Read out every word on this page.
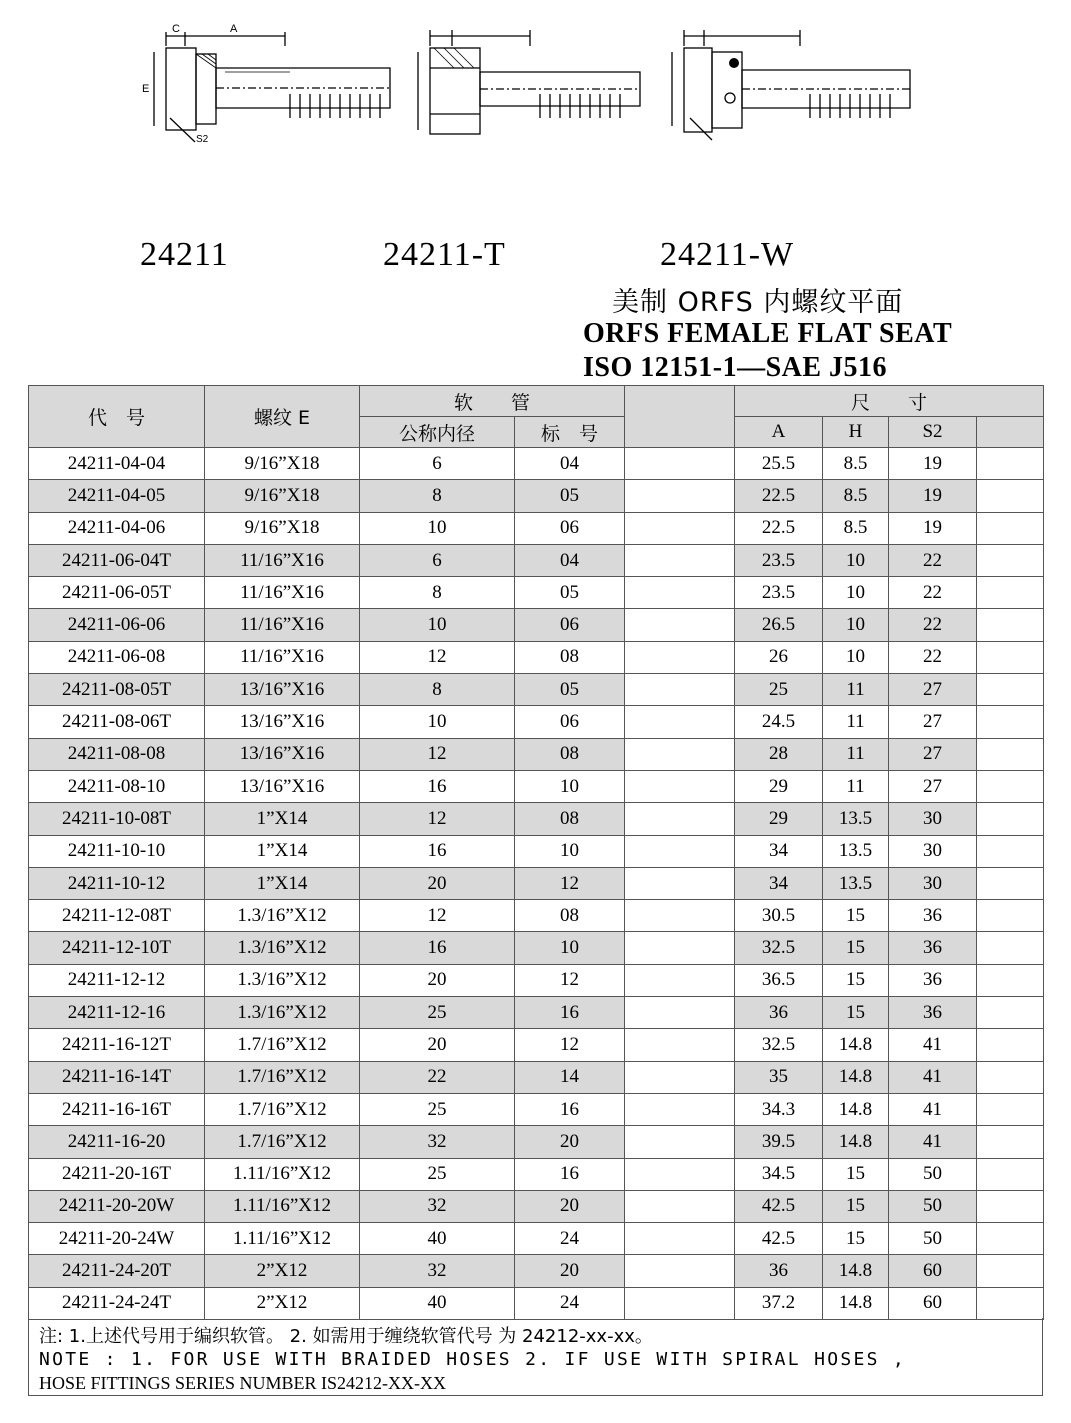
C	A
E
S2
24211	24211-T	24211-W
美制 ORFS 内螺纹平面
ORFS FEMALE FLAT SEAT
ISO 12151-1—SAE J516
代　号	螺纹 E	软　　管			尺　　寸			
		公称内径	标　号		A	H	S2	
24211-04-04	9/16”X18	6	04		25.5	8.5	19	
24211-04-05	9/16”X18	8	05		22.5	8.5	19	
24211-04-06	9/16”X18	10	06		22.5	8.5	19	
24211-06-04T	11/16”X16	6	04		23.5	10	22	
24211-06-05T	11/16”X16	8	05		23.5	10	22	
24211-06-06	11/16”X16	10	06		26.5	10	22	
24211-06-08	11/16”X16	12	08		26	10	22	
24211-08-05T	13/16”X16	8	05		25	11	27	
24211-08-06T	13/16”X16	10	06		24.5	11	27	
24211-08-08	13/16”X16	12	08		28	11	27	
24211-08-10	13/16”X16	16	10		29	11	27	
24211-10-08T	1”X14	12	08		29	13.5	30	
24211-10-10	1”X14	16	10		34	13.5	30	
24211-10-12	1”X14	20	12		34	13.5	30	
24211-12-08T	1.3/16”X12	12	08		30.5	15	36	
24211-12-10T	1.3/16”X12	16	10		32.5	15	36	
24211-12-12	1.3/16”X12	20	12		36.5	15	36	
24211-12-16	1.3/16”X12	25	16		36	15	36	
24211-16-12T	1.7/16”X12	20	12		32.5	14.8	41	
24211-16-14T	1.7/16”X12	22	14		35	14.8	41	
24211-16-16T	1.7/16”X12	25	16		34.3	14.8	41	
24211-16-20	1.7/16”X12	32	20		39.5	14.8	41	
24211-20-16T	1.11/16”X12	25	16		34.5	15	50	
24211-20-20W	1.11/16”X12	32	20		42.5	15	50	
24211-20-24W	1.11/16”X12	40	24		42.5	15	50	
24211-24-20T	2”X12	32	20		36	14.8	60	
24211-24-24T	2”X12	40	24		37.2	14.8	60	
注: 1.上述代号用于编织软管。 2. 如需用于缠绕软管代号 为 24212-xx-xx。
NOTE : 1. FOR USE WITH BRAIDED HOSES 2. IF USE WITH SPIRAL HOSES ,
HOSE FITTINGS SERIES NUMBER IS24212-XX-XX
